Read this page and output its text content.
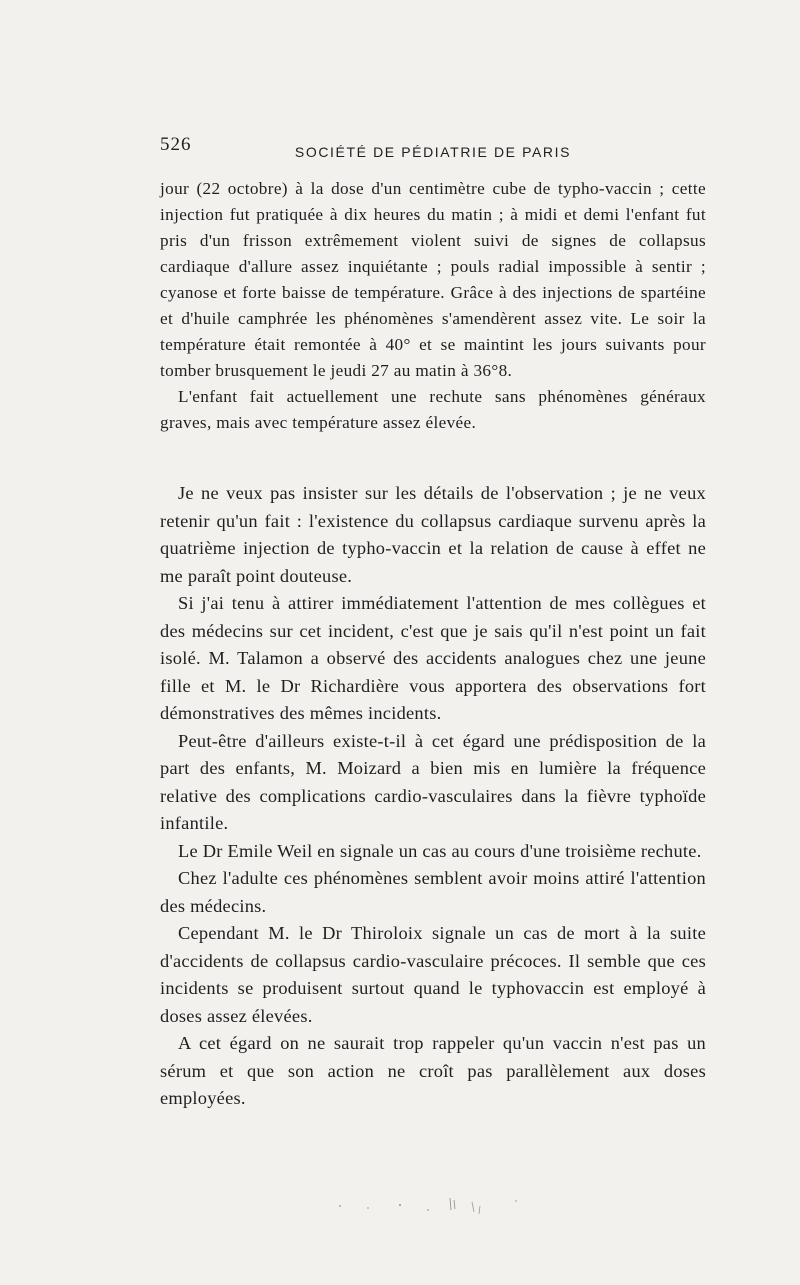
526	SOCIÉTÉ DE PÉDIATRIE DE PARIS

jour (22 octobre) à la dose d'un centimètre cube de typho-vaccin ; cette injection fut pratiquée à dix heures du matin ; à midi et demi l'enfant fut pris d'un frisson extrêmement violent suivi de signes de collapsus cardiaque d'allure assez inquiétante ; pouls radial impossible à sentir ; cyanose et forte baisse de température. Grâce à des injections de spartéine et d'huile camphrée les phénomènes s'amendèrent assez vite. Le soir la température était remontée à 40° et se maintint les jours suivants pour tomber brusquement le jeudi 27 au matin à 36°8.

L'enfant fait actuellement une rechute sans phénomènes généraux graves, mais avec température assez élevée.

Je ne veux pas insister sur les détails de l'observation ; je ne veux retenir qu'un fait : l'existence du collapsus cardiaque survenu après la quatrième injection de typho-vaccin et la relation de cause à effet ne me paraît point douteuse.

Si j'ai tenu à attirer immédiatement l'attention de mes collègues et des médecins sur cet incident, c'est que je sais qu'il n'est point un fait isolé. M. Talamon a observé des accidents analogues chez une jeune fille et M. le Dr Richardière vous apportera des observations fort démonstratives des mêmes incidents.

Peut-être d'ailleurs existe-t-il à cet égard une prédisposition de la part des enfants, M. Moizard a bien mis en lumière la fréquence relative des complications cardio-vasculaires dans la fièvre typhoïde infantile.

Le Dr Emile Weil en signale un cas au cours d'une troisième rechute.

Chez l'adulte ces phénomènes semblent avoir moins attiré l'attention des médecins.

Cependant M. le Dr Thiroloix signale un cas de mort à la suite d'accidents de collapsus cardio-vasculaire précoces. Il semble que ces incidents se produisent surtout quand le typhovaccin est employé à doses assez élevées.

A cet égard on ne saurait trop rappeler qu'un vaccin n'est pas un sérum et que son action ne croît pas parallèlement aux doses employées.
